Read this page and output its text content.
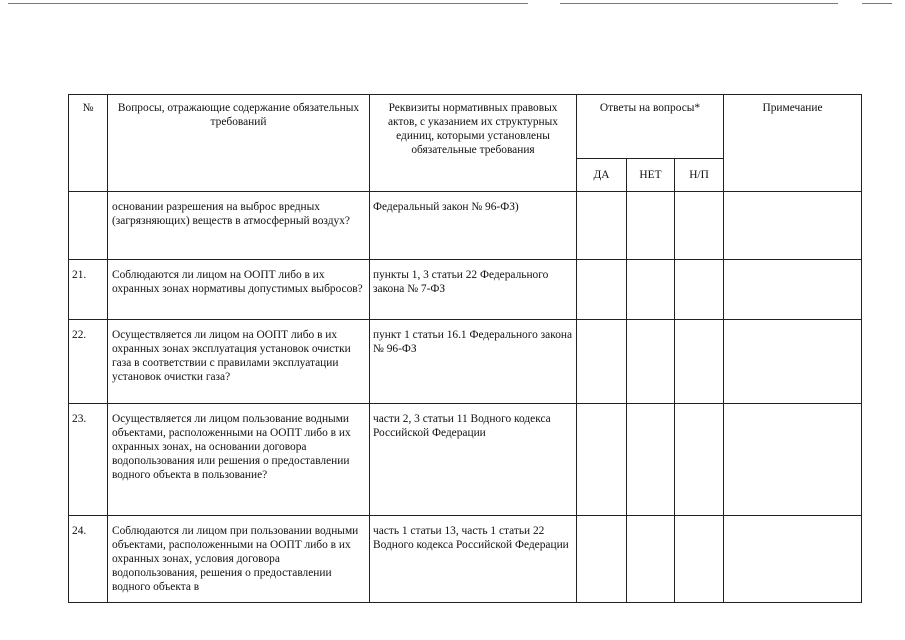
№	Вопросы, отражающие содержание обязательных требований	Реквизиты нормативных правовых актов, с указанием их структурных единиц, которыми установлены обязательные требования	Ответы на вопросы*			Примечание
			ДА	НЕТ	Н/П	
	основании разрешения на выброс вредных (загрязняющих) веществ в атмосферный воздух?	Федеральный закон № 96-ФЗ)				
21.	Соблюдаются ли лицом на ООПТ либо в их охранных зонах нормативы допустимых выбросов?	пункты 1, 3 статьи 22 Федерального закона № 7-ФЗ				
22.	Осуществляется ли лицом на ООПТ либо в их охранных зонах эксплуатация установок очистки газа в соответствии с правилами эксплуатации установок очистки газа?	пункт 1 статьи 16.1 Федерального закона № 96-ФЗ				
23.	Осуществляется ли лицом пользование водными объектами, расположенными на ООПТ либо в их охранных зонах, на основании договора водопользования или решения о предоставлении водного объекта в пользование?	части 2, 3 статьи 11 Водного кодекса Российской Федерации				
24.	Соблюдаются ли лицом при пользовании водными объектами, расположенными на ООПТ либо в их охранных зонах, условия договора водопользования, решения о предоставлении водного объекта в	часть 1 статьи 13, часть 1 статьи 22 Водного кодекса Российской Федерации				
